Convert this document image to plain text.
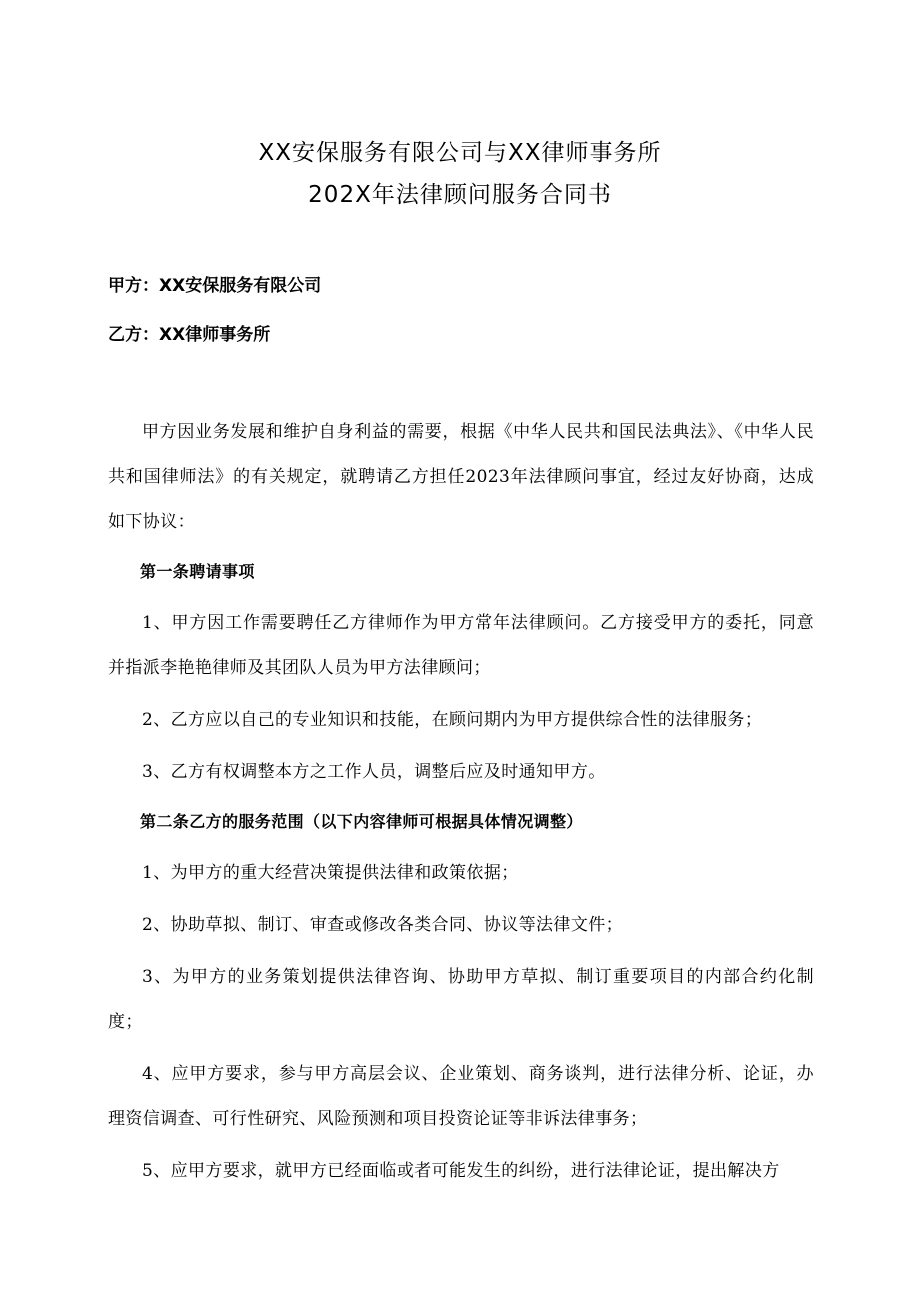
XX安保服务有限公司与XX律师事务所
202X年法律顾问服务合同书
甲方：XX安保服务有限公司
乙方：XX律师事务所

甲方因业务发展和维护自身利益的需要，根据《中华人民共和国民法典法》、《中华人民共和国律师法》的有关规定，就聘请乙方担任2023年法律顾问事宜，经过友好协商，达成如下协议：

第一条聘请事项

1、甲方因工作需要聘任乙方律师作为甲方常年法律顾问。乙方接受甲方的委托，同意并指派李艳艳律师及其团队人员为甲方法律顾问；

2、乙方应以自己的专业知识和技能，在顾问期内为甲方提供综合性的法律服务；

3、乙方有权调整本方之工作人员，调整后应及时通知甲方。

第二条乙方的服务范围（以下内容律师可根据具体情况调整）

1、为甲方的重大经营决策提供法律和政策依据；

2、协助草拟、制订、审查或修改各类合同、协议等法律文件；

3、为甲方的业务策划提供法律咨询、协助甲方草拟、制订重要项目的内部合约化制度；

4、应甲方要求，参与甲方高层会议、企业策划、商务谈判，进行法律分析、论证，办理资信调查、可行性研究、风险预测和项目投资论证等非诉法律事务；

5、应甲方要求，就甲方已经面临或者可能发生的纠纷，进行法律论证，提出解决方
